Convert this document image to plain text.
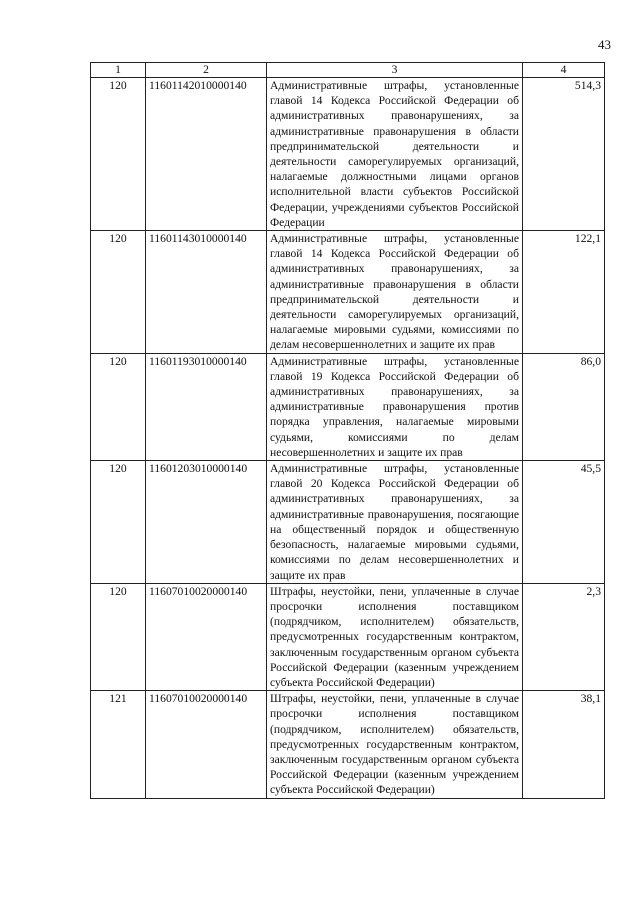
43
1	2	3	4
120	11601142010000140	Административные штрафы, установленные главой 14 Кодекса Российской Федерации об административных правонарушениях, за административные правонарушения в области предпринимательской деятельности и деятельности саморегулируемых организаций, налагаемые должностными лицами органов исполнительной власти субъектов Российской Федерации, учреждениями субъектов Российской Федерации	514,3
120	11601143010000140	Административные штрафы, установленные главой 14 Кодекса Российской Федерации об административных правонарушениях, за административные правонарушения в области предпринимательской деятельности и деятельности саморегулируемых организаций, налагаемые мировыми судьями, комиссиями по делам несовершеннолетних и защите их прав	122,1
120	11601193010000140	Административные штрафы, установленные главой 19 Кодекса Российской Федерации об административных правонарушениях, за административные правонарушения против порядка управления, налагаемые мировыми судьями, комиссиями по делам несовершеннолетних и защите их прав	86,0
120	11601203010000140	Административные штрафы, установленные главой 20 Кодекса Российской Федерации об административных правонарушениях, за административные правонарушения, посягающие на общественный порядок и общественную безопасность, налагаемые мировыми судьями, комиссиями по делам несовершеннолетних и защите их прав	45,5
120	11607010020000140	Штрафы, неустойки, пени, уплаченные в случае просрочки исполнения поставщиком (подрядчиком, исполнителем) обязательств, предусмотренных государственным контрактом, заключенным государственным органом субъекта Российской Федерации (казенным учреждением субъекта Российской Федерации)	2,3
121	11607010020000140	Штрафы, неустойки, пени, уплаченные в случае просрочки исполнения поставщиком (подрядчиком, исполнителем) обязательств, предусмотренных государственным контрактом, заключенным государственным органом субъекта Российской Федерации (казенным учреждением субъекта Российской Федерации)	38,1
